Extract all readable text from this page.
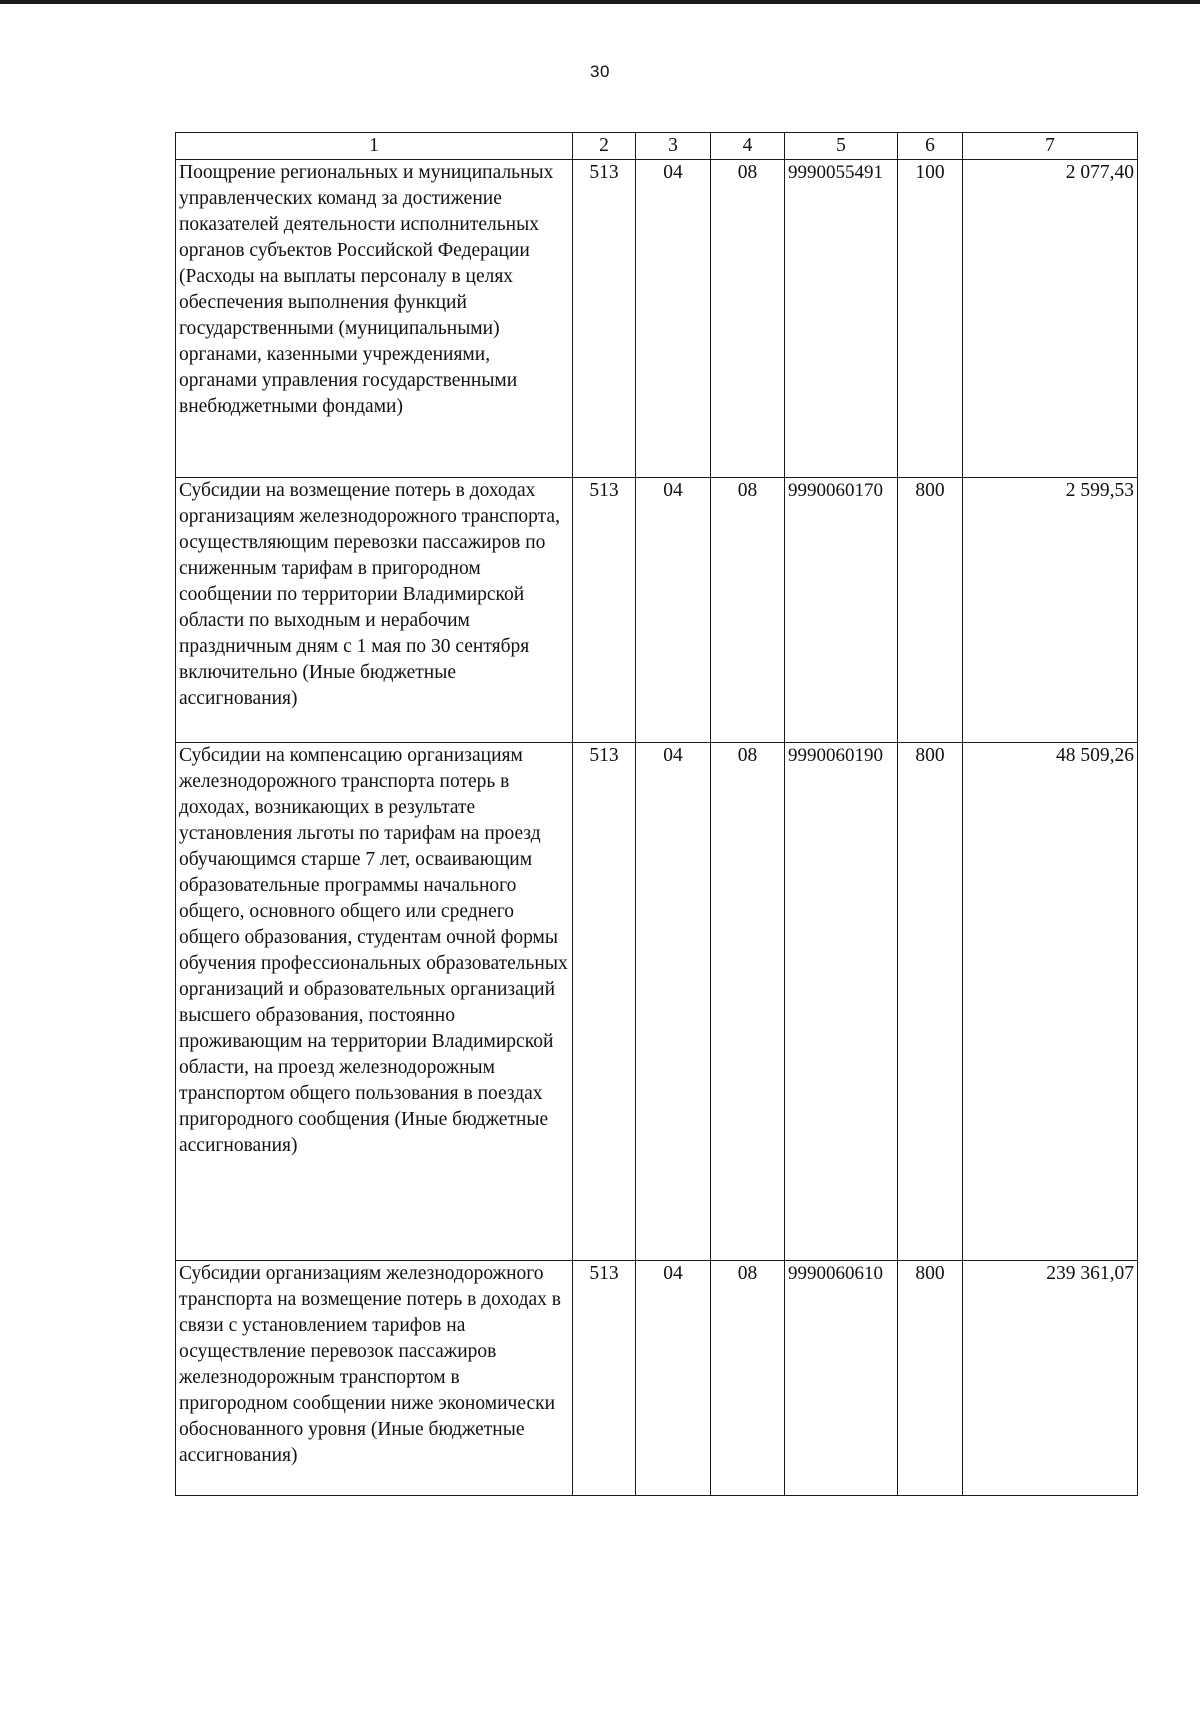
30
1	2	3	4	5	6	7
Поощрение региональных и муниципальных управленческих команд за достижение показателей деятельности исполнительных органов субъектов Российской Федерации (Расходы на выплаты персоналу в целях обеспечения выполнения функций государственными (муниципальными) органами, казенными учреждениями, органами управления государственными внебюджетными фондами)	513	04	08	9990055491	100	2 077,40
Субсидии на возмещение потерь в доходах организациям железнодорожного транспорта, осуществляющим перевозки пассажиров по сниженным тарифам в пригородном сообщении по территории Владимирской области по выходным и нерабочим праздничным дням с 1 мая по 30 сентября включительно (Иные бюджетные ассигнования)	513	04	08	9990060170	800	2 599,53
Субсидии на компенсацию организациям железнодорожного транспорта потерь в доходах, возникающих в результате установления льготы по тарифам на проезд обучающимся старше 7 лет, осваивающим образовательные программы начального общего, основного общего или среднего общего образования, студентам очной формы обучения профессиональных образовательных организаций и образовательных организаций высшего образования, постоянно проживающим на территории Владимирской области, на проезд железнодорожным транспортом общего пользования в поездах пригородного сообщения (Иные бюджетные ассигнования)	513	04	08	9990060190	800	48 509,26
Субсидии организациям железнодорожного транспорта на возмещение потерь в доходах в связи с установлением тарифов на осуществление перевозок пассажиров железнодорожным транспортом в пригородном сообщении ниже экономически обоснованного уровня (Иные бюджетные ассигнования)	513	04	08	9990060610	800	239 361,07
